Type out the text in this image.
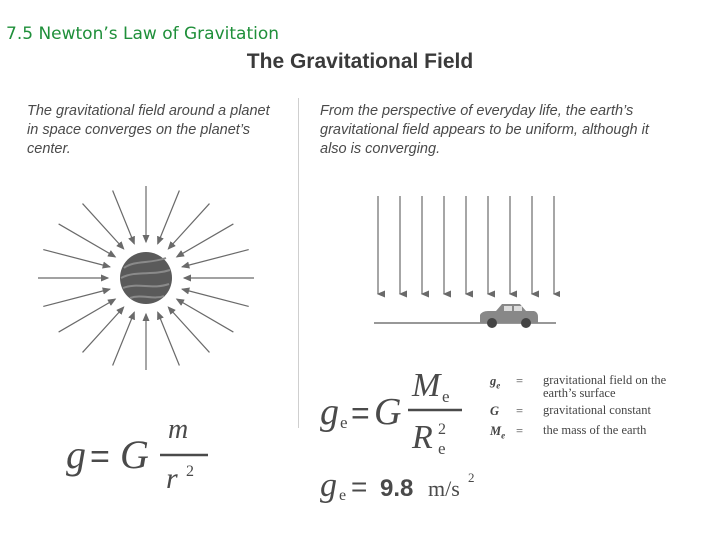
7.5 Newton’s Law of Gravitation
The Gravitational Field
The gravitational field around a planet in space converges on the planet’s center.
From the perspective of everyday life, the earth’s gravitational field appears to be uniform, although it also is converging.
g = G
m
r 2
g e = G
M e
R e
2
g e = 9.8 m/s 2
$g_e$	=	gravitational field on the earth’s surface
G	=	gravitational constant
$M_e$ =	the mass of the earth
